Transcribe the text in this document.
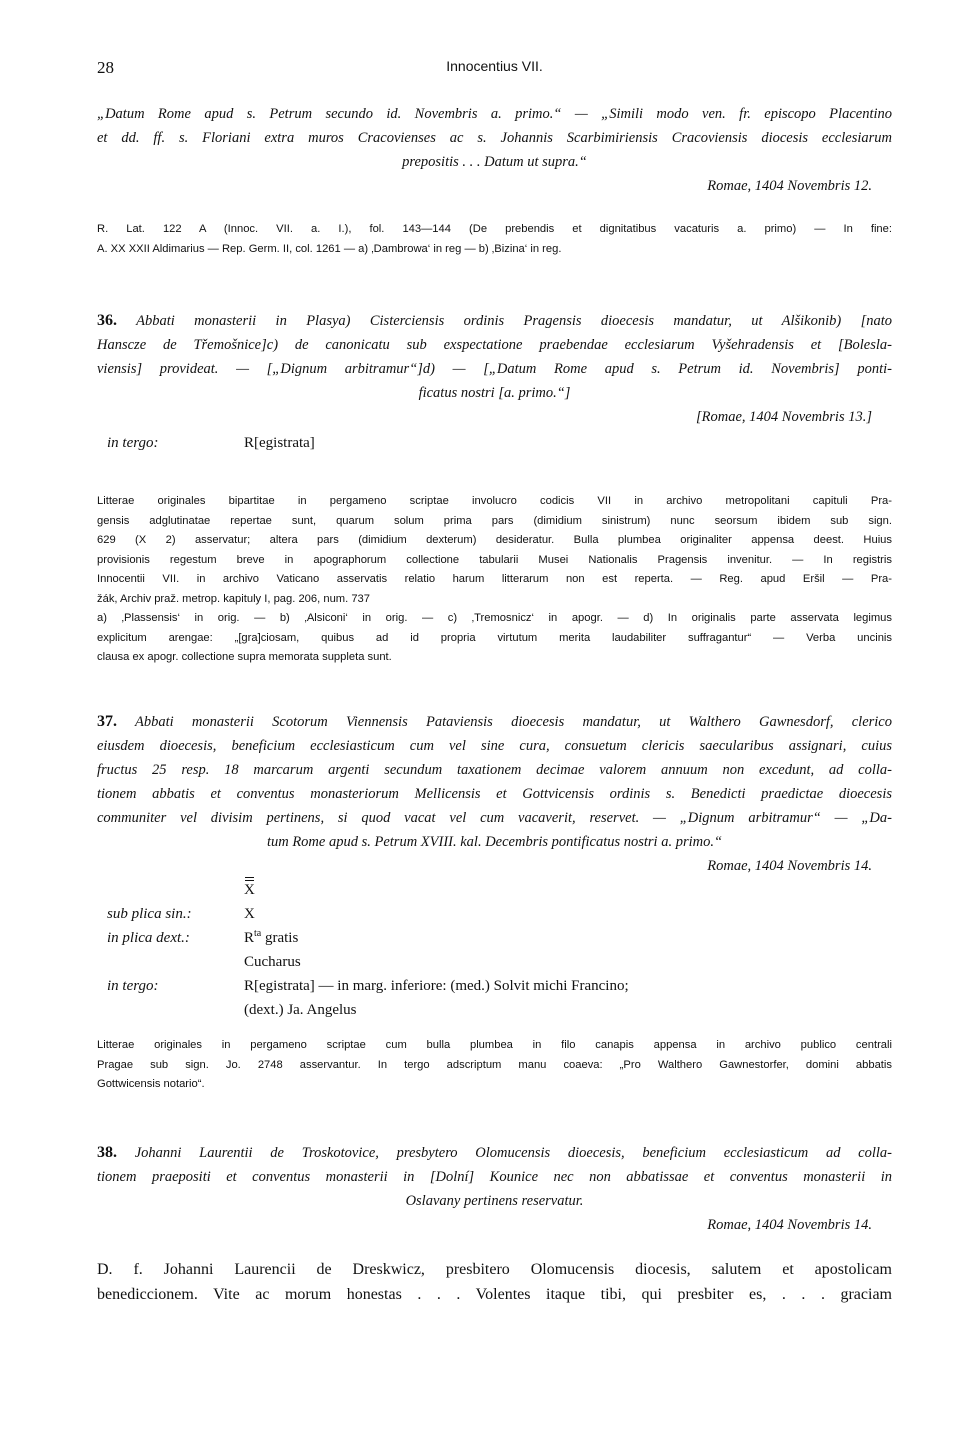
28	Innocentius VII.
„Datum Rome apud s. Petrum secundo id. Novembris a. primo.“ — „Simili modo ven. fr. episcopo Placentino
et dd. ff. s. Floriani extra muros Cracovienses ac s. Johannis Scarbimiriensis Cracoviensis diocesis ecclesiarum
prepositis . . . Datum ut supra.“
Romae, 1404 Novembris 12.
R. Lat. 122 A (Innoc. VII. a. I.), fol. 143—144 (De prebendis et dignitatibus vacaturis a. primo) — In fine:
A. XX XXII Aldimarius — Rep. Germ. II, col. 1261 — a) ‚Dambrowa‘ in reg — b) ‚Bizina‘ in reg.
36. Abbati monasterii in Plasya) Cisterciensis ordinis Pragensis dioecesis mandatur, ut Alšikonib) [nato
Hanscze de Třemošnice]c) de canonicatu sub exspectatione praebendae ecclesiarum Vyšehradensis et [Bolesla-
viensis] provideat. — [„Dignum arbitramur“]d) — [„Datum Rome apud s. Petrum id. Novembris] ponti-
ficatus nostri [a. primo.“]
[Romae, 1404 Novembris 13.]
in tergo:	R[egistrata]
Litterae originales bipartitae in pergameno scriptae involucro codicis VII in archivo metropolitani capituli Pra-
gensis adglutinatae repertae sunt, quarum solum prima pars (dimidium sinistrum) nunc seorsum ibidem sub sign.
629 (X 2) asservatur; altera pars (dimidium dexterum) desideratur. Bulla plumbea originaliter appensa deest. Huius
provisionis regestum breve in apographorum collectione tabularii Musei Nationalis Pragensis invenitur. — In registris
Innocentii VII. in archivo Vaticano asservatis relatio harum litterarum non est reperta. — Reg. apud Eršil — Pra-
žák, Archiv praž. metrop. kapituly I, pag. 206, num. 737
a) ‚Plassensis‘ in orig. — b) ‚Alsiconi‘ in orig. — c) ‚Tremosnicz‘ in apogr. — d) In originalis parte asservata legimus
explicitum arengae: „[gra]ciosam, quibus ad id propria virtutum merita laudabiliter suffragantur“ — Verba uncinis
clausa ex apogr. collectione supra memorata suppleta sunt.
37. Abbati monasterii Scotorum Viennensis Pataviensis dioecesis mandatur, ut Walthero Gawnesdorf, clerico
eiusdem dioecesis, beneficium ecclesiasticum cum vel sine cura, consuetum clericis saecularibus assignari, cuius
fructus 25 resp. 18 marcarum argenti secundum taxationem decimae valorem annuum non excedunt, ad colla-
tionem abbatis et conventus monasteriorum Mellicensis et Gottvicensis ordinis s. Benedicti praedictae dioecesis
communiter vel divisim pertinens, si quod vacat vel cum vacaverit, reservet. — „Dignum arbitramur“ — „Da-
tum Rome apud s. Petrum XVIII. kal. Decembris pontificatus nostri a. primo.“
Romae, 1404 Novembris 14.
X
sub plica sin.:	X
in plica dext.:	$R^{ta}$ gratis
Cucharus
in tergo:	R[egistrata] — in marg. inferiore: (med.) Solvit michi Francino;
(dext.) Ja. Angelus
Litterae originales in pergameno scriptae cum bulla plumbea in filo canapis appensa in archivo publico centrali
Pragae sub sign. Jo. 2748 asservantur. In tergo adscriptum manu coaeva: „Pro Walthero Gawnestorfer, domini abbatis
Gottwicensis notario“.
38. Johanni Laurentii de Troskotovice, presbytero Olomucensis dioecesis, beneficium ecclesiasticum ad colla-
tionem praepositi et conventus monasterii in [Dolní] Kounice nec non abbatissae et conventus monasterii in
Oslavany pertinens reservatur.
Romae, 1404 Novembris 14.
D. f. Johanni Laurencii de Dreskwicz, presbitero Olomucensis diocesis, salutem et apostolicam
benediccionem. Vite ac morum honestas . . . Volentes itaque tibi, qui presbiter es, . . . graciam
